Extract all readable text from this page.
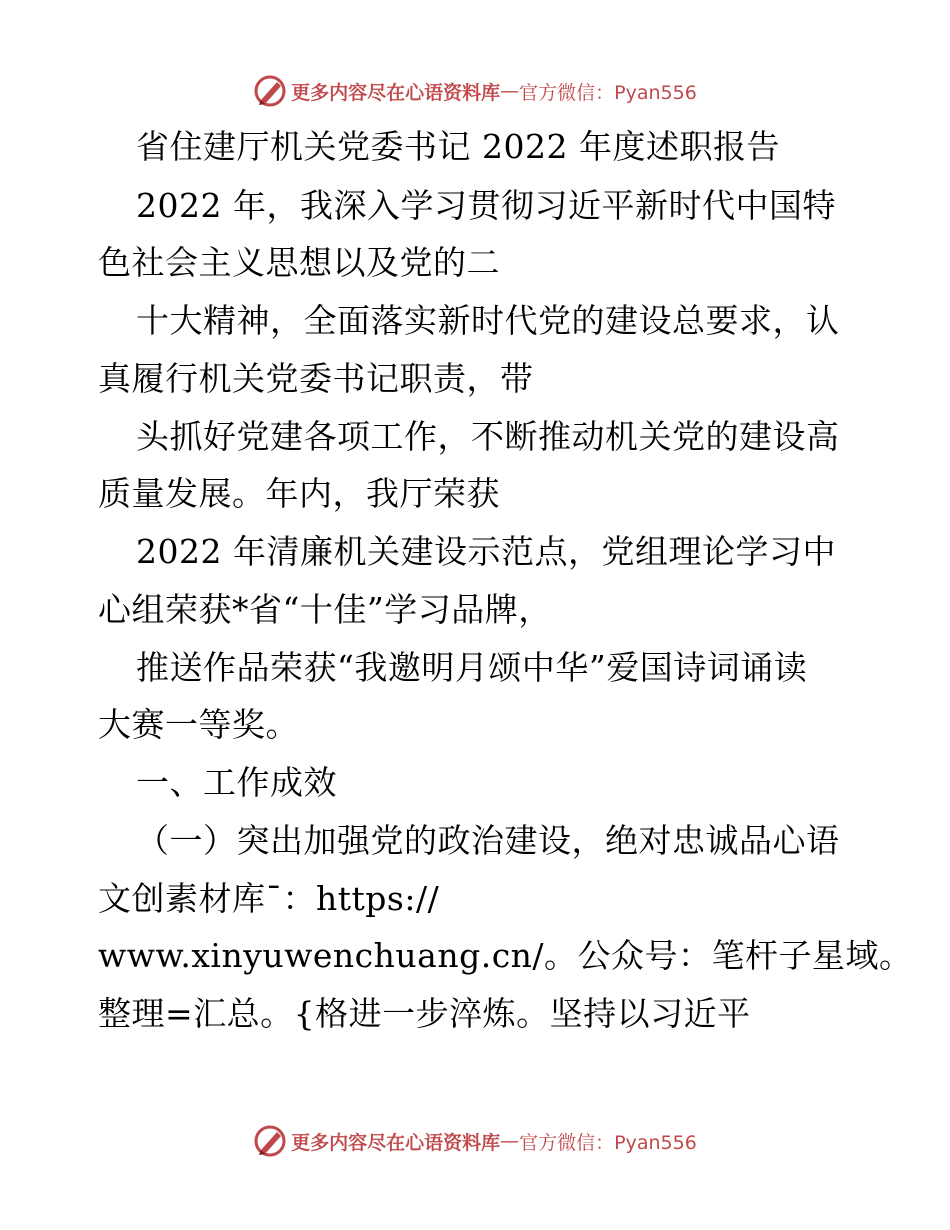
更多内容尽在心语资料库 — 官方微信：Pyan556
省住建厅机关党委书记 2022 年度述职报告
2022 年，我深入学习贯彻习近平新时代中国特
色社会主义思想以及党的二
十大精神，全面落实新时代党的建设总要求，认
真履行机关党委书记职责，带
头抓好党建各项工作，不断推动机关党的建设高
质量发展。年内，我厅荣获
2022 年清廉机关建设示范点，党组理论学习中
心组荣获*省“十佳”学习品牌，
推送作品荣获“我邀明月颂中华”爱国诗词诵读
大赛一等奖。
一、工作成效
（一）突出加强党的政治建设，绝对忠诚品心语
文创素材库¯：https://
www.xinyuwenchuang.cn/。公众号：笔杆子星域。
整理=汇总。{格进一步淬炼。坚持以习近平
更多内容尽在心语资料库 — 官方微信：Pyan556
